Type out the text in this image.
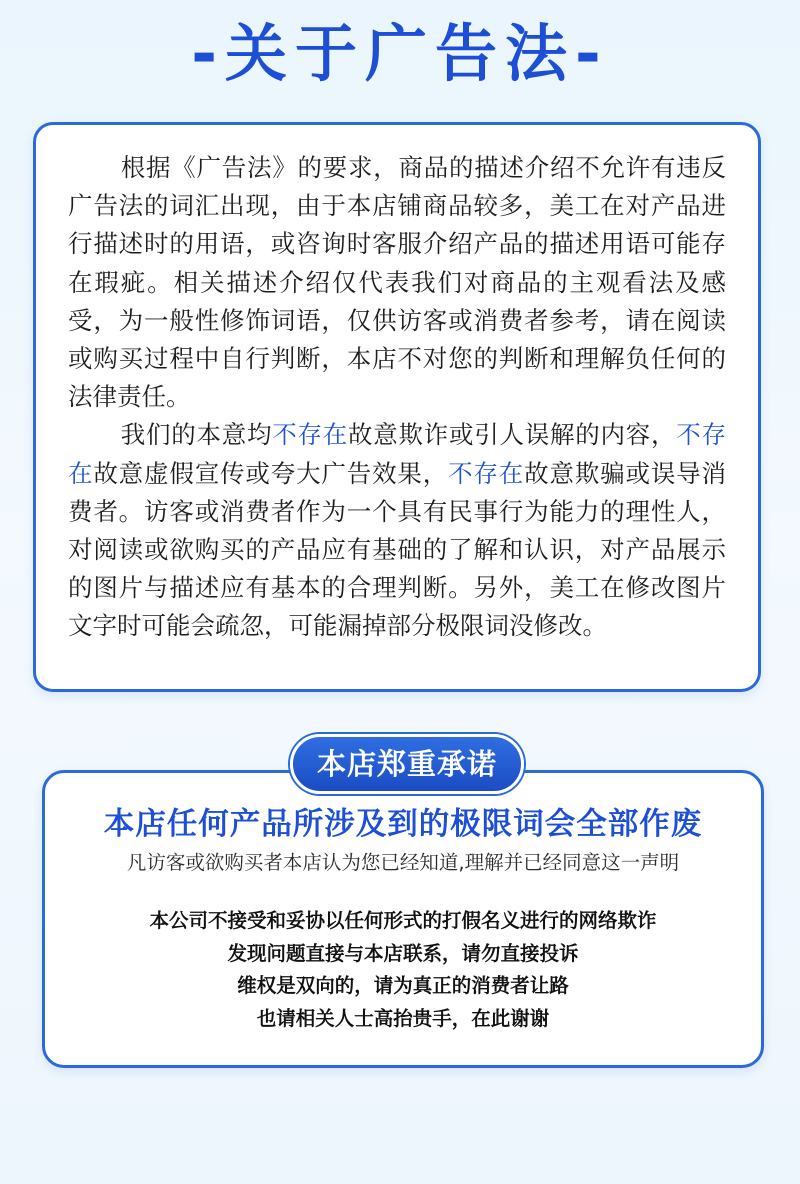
-关于广告法-

根据《广告法》的要求，商品的描述介绍不允许有违反广告法的词汇出现，由于本店铺商品较多，美工在对产品进行描述时的用语，或咨询时客服介绍产品的描述用语可能存在瑕疵。相关描述介绍仅代表我们对商品的主观看法及感受，为一般性修饰词语，仅供访客或消费者参考，请在阅读或购买过程中自行判断，本店不对您的判断和理解负任何的法律责任。

我们的本意均不存在故意欺诈或引人误解的内容，不存在故意虚假宣传或夸大广告效果，不存在故意欺骗或误导消费者。访客或消费者作为一个具有民事行为能力的理性人，对阅读或欲购买的产品应有基础的了解和认识，对产品展示的图片与描述应有基本的合理判断。另外，美工在修改图片文字时可能会疏忽，可能漏掉部分极限词没修改。

本店郑重承诺
本店任何产品所涉及到的极限词会全部作废
凡访客或欲购买者本店认为您已经知道,理解并已经同意这一声明
本公司不接受和妥协以任何形式的打假名义进行的网络欺诈
发现问题直接与本店联系，请勿直接投诉
维权是双向的，请为真正的消费者让路
也请相关人士高抬贵手，在此谢谢
